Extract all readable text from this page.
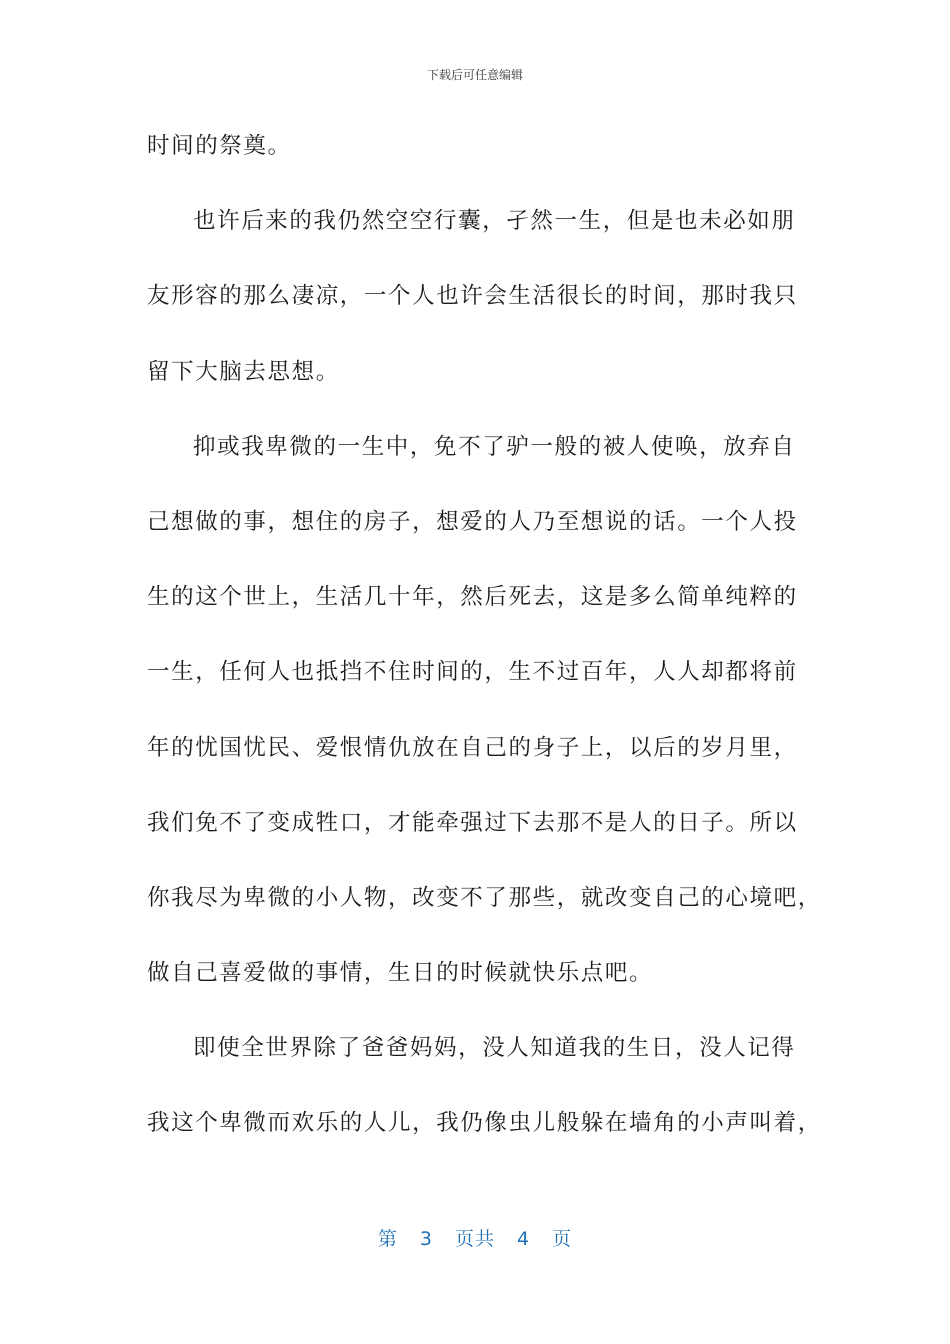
下载后可任意编辑
时间的祭奠。
也许后来的我仍然空空行囊，孑然一生，但是也未必如朋
友形容的那么凄凉，一个人也许会生活很长的时间，那时我只
留下大脑去思想。
抑或我卑微的一生中，免不了驴一般的被人使唤，放弃自
己想做的事，想住的房子，想爱的人乃至想说的话。一个人投
生的这个世上，生活几十年，然后死去，这是多么简单纯粹的
一生，任何人也抵挡不住时间的，生不过百年，人人却都将前
年的忧国忧民、爱恨情仇放在自己的身子上，以后的岁月里，
我们免不了变成牲口，才能牵强过下去那不是人的日子。所以
你我尽为卑微的小人物，改变不了那些，就改变自己的心境吧，
做自己喜爱做的事情，生日的时候就快乐点吧。
即使全世界除了爸爸妈妈，没人知道我的生日，没人记得
我这个卑微而欢乐的人儿，我仍像虫儿般躲在墙角的小声叫着，
第 3 页共 4 页
